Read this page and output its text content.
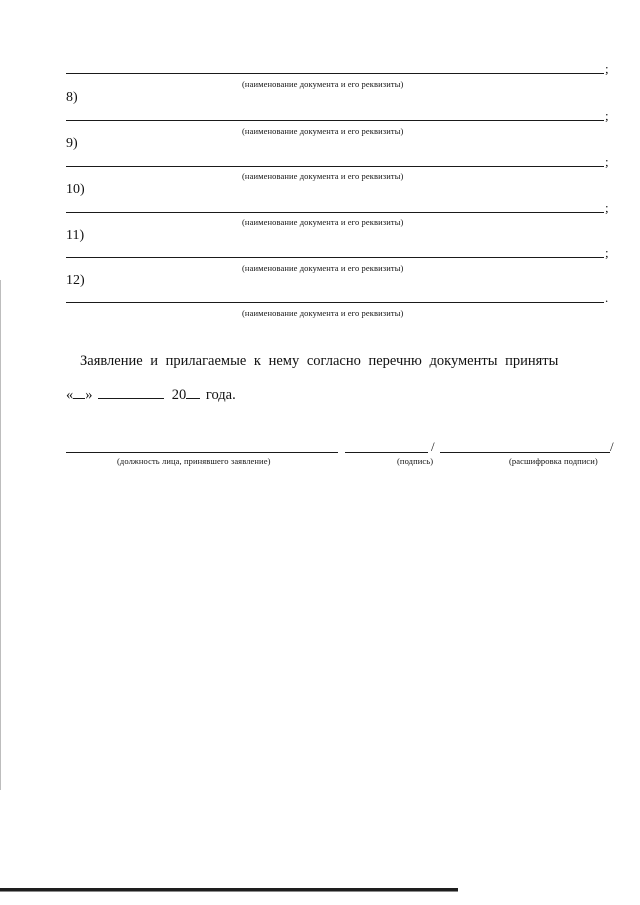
;
(наименование документа и его реквизиты)
8)
;
(наименование документа и его реквизиты)
9)
;
(наименование документа и его реквизиты)
10)
;
(наименование документа и его реквизиты)
11)
;
(наименование документа и его реквизиты)
12)
.
(наименование документа и его реквизиты)
Заявление и прилагаемые к нему согласно перечню документы приняты
« »	20 года.
/	/
(должность лица, принявшего заявление)	(подпись)	(расшифровка подписи)
